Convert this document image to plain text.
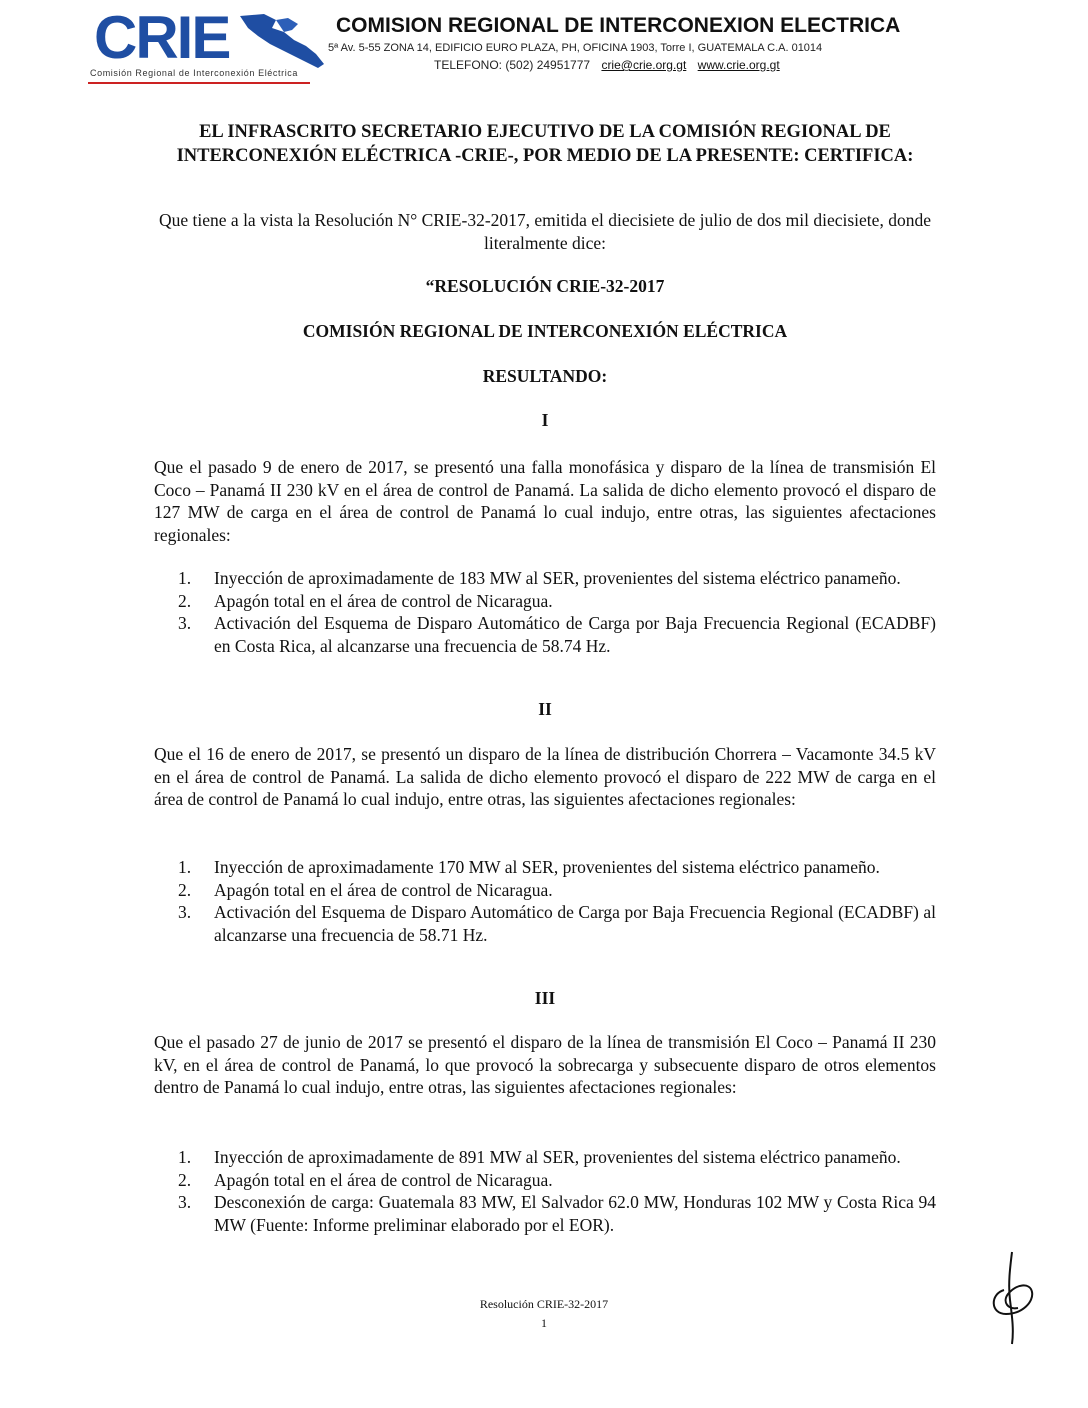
CRIE
Comisión Regional de Interconexión Eléctrica
COMISION REGIONAL DE INTERCONEXION ELECTRICA
5ª Av. 5-55 ZONA 14, EDIFICIO EURO PLAZA, PH, OFICINA 1903, Torre I, GUATEMALA C.A. 01014
TELEFONO: (502) 24951777 crie@crie.org.gt www.crie.org.gt
EL INFRASCRITO SECRETARIO EJECUTIVO DE LA COMISIÓN REGIONAL DE INTERCONEXIÓN ELÉCTRICA -CRIE-, POR MEDIO DE LA PRESENTE: CERTIFICA:
Que tiene a la vista la Resolución N° CRIE-32-2017, emitida el diecisiete de julio de dos mil diecisiete, donde literalmente dice:
“RESOLUCIÓN CRIE-32-2017
COMISIÓN REGIONAL DE INTERCONEXIÓN ELÉCTRICA
RESULTANDO:
I
Que el pasado 9 de enero de 2017, se presentó una falla monofásica y disparo de la línea de transmisión El Coco – Panamá II 230 kV en el área de control de Panamá. La salida de dicho elemento provocó el disparo de 127 MW de carga en el área de control de Panamá lo cual indujo, entre otras, las siguientes afectaciones regionales:
1. Inyección de aproximadamente de 183 MW al SER, provenientes del sistema eléctrico panameño.
2. Apagón total en el área de control de Nicaragua.
3. Activación del Esquema de Disparo Automático de Carga por Baja Frecuencia Regional (ECADBF) en Costa Rica, al alcanzarse una frecuencia de 58.74 Hz.
II
Que el 16 de enero de 2017, se presentó un disparo de la línea de distribución Chorrera – Vacamonte 34.5 kV en el área de control de Panamá. La salida de dicho elemento provocó el disparo de 222 MW de carga en el área de control de Panamá lo cual indujo, entre otras, las siguientes afectaciones regionales:
1. Inyección de aproximadamente 170 MW al SER, provenientes del sistema eléctrico panameño.
2. Apagón total en el área de control de Nicaragua.
3. Activación del Esquema de Disparo Automático de Carga por Baja Frecuencia Regional (ECADBF) al alcanzarse una frecuencia de 58.71 Hz.
III
Que el pasado 27 de junio de 2017 se presentó el disparo de la línea de transmisión El Coco – Panamá II 230 kV, en el área de control de Panamá, lo que provocó la sobrecarga y subsecuente disparo de otros elementos dentro de Panamá lo cual indujo, entre otras, las siguientes afectaciones regionales:
1. Inyección de aproximadamente de 891 MW al SER, provenientes del sistema eléctrico panameño.
2. Apagón total en el área de control de Nicaragua.
3. Desconexión de carga: Guatemala 83 MW, El Salvador 62.0 MW, Honduras 102 MW y Costa Rica 94 MW (Fuente: Informe preliminar elaborado por el EOR).
Resolución CRIE-32-2017
1
